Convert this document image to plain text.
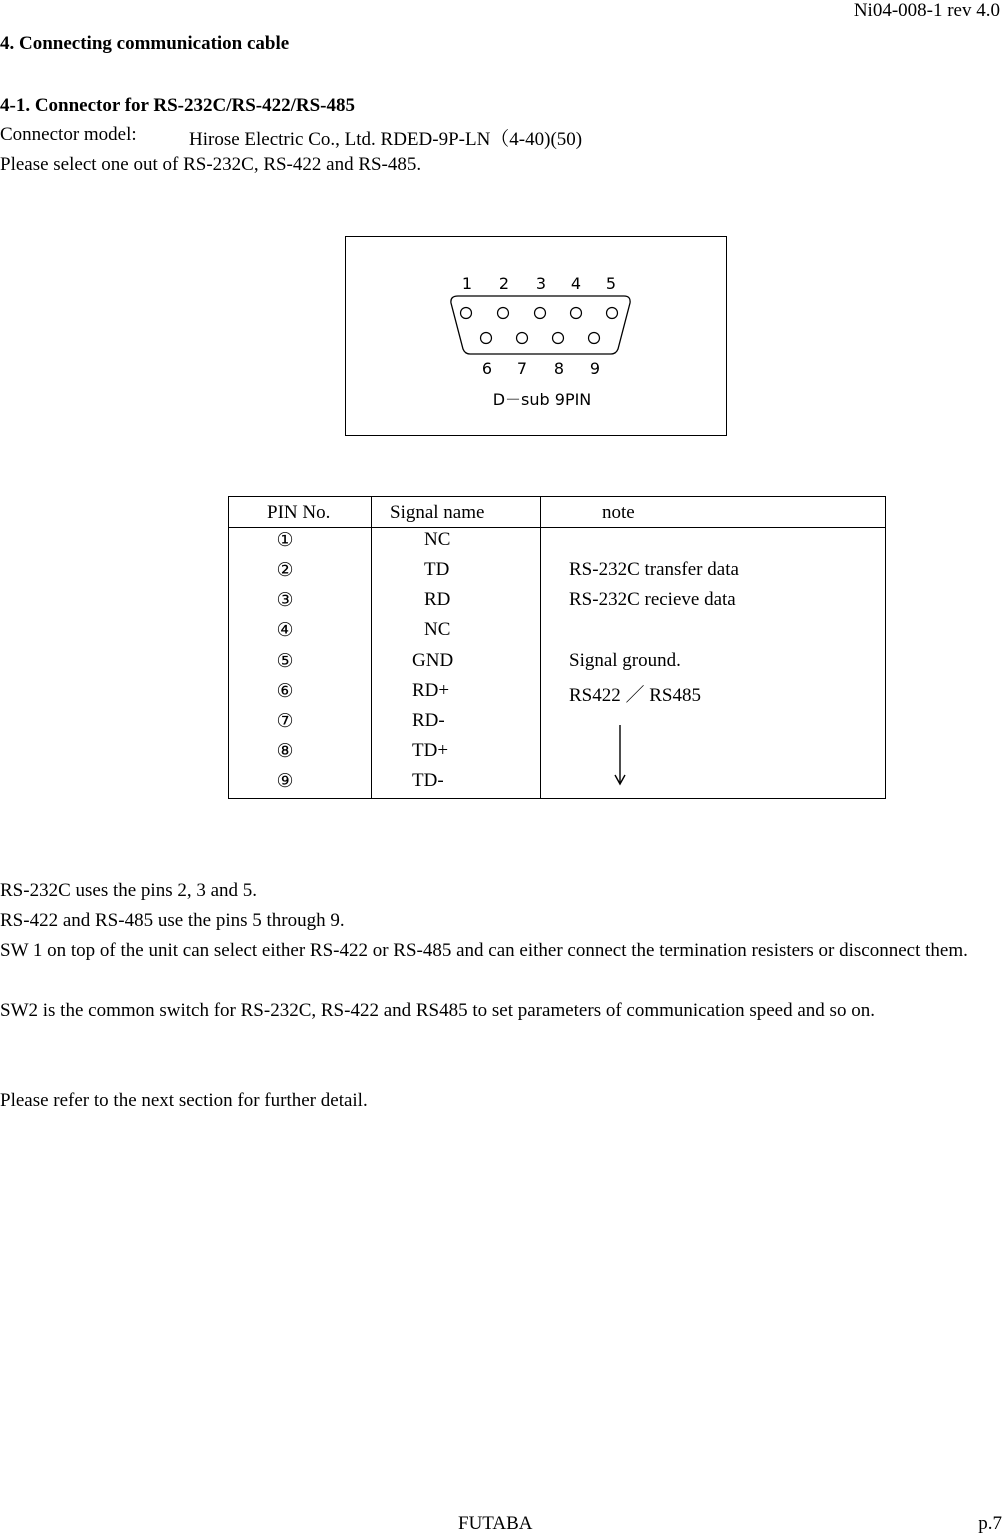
Ni04-008-1 rev 4.0
4. Connecting communication cable
4-1. Connector for RS-232C/RS-422/RS-485
Connector model:	Hirose Electric Co., Ltd. RDED-9P-LN（4-40)(50)
Please select one out of RS-232C, RS-422 and RS-485.
1 2 3 4 5
6 7 8 9
D－sub 9PIN
PIN No.	Signal name	note
①	NC
②	TD	RS-232C transfer data
③	RD	RS-232C recieve data
④	NC
⑤	GND	Signal ground.
⑥	RD+	RS422 ／ RS485
⑦	RD-
⑧	TD+
⑨	TD-
RS-232C uses the pins 2, 3 and 5.
RS-422 and RS-485 use the pins 5 through 9.
SW 1 on top of the unit can select either RS-422 or RS-485 and can either connect the termination resisters or disconnect them.
SW2 is the common switch for RS-232C, RS-422 and RS485 to set parameters of communication speed and so on.
Please refer to the next section for further detail.
FUTABA	p.7
